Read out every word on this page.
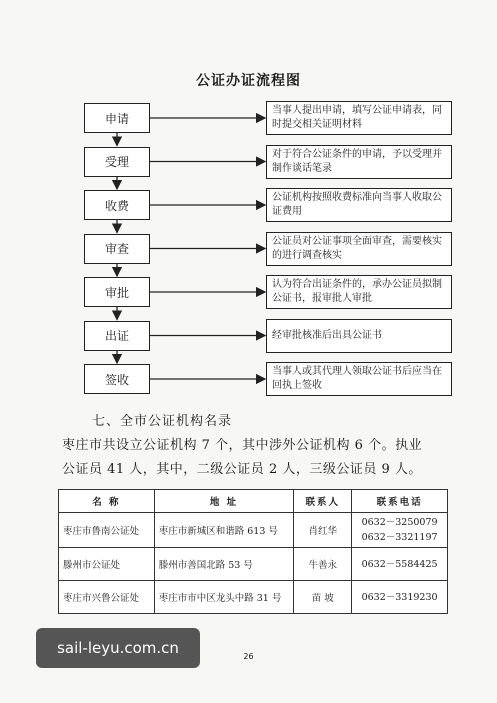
公证办证流程图
申请
当事人提出申请，填写公证申请表，同时提交相关证明材料
受理
对于符合公证条件的申请，予以受理并制作谈话笔录
收费
公证机构按照收费标准向当事人收取公证费用
审查
公证员对公证事项全面审查，需要核实的进行调查核实
审批
认为符合出证条件的，承办公证员拟制公证书，报审批人审批
出证	经审批核准后出具公证书
签收
当事人或其代理人领取公证书后应当在回执上签收
七、全市公证机构名录
枣庄市共设立公证机构 7 个，其中涉外公证机构 6 个。执业
公证员 41 人，其中，二级公证员 2 人，三级公证员 9 人。
名 称	地 址	联系人	联系电话
枣庄市鲁南公证处	枣庄市新城区和谐路 613 号	肖红华	0632－3250079
0632－3321197

滕州市公证处	滕州市善国北路 53 号	牛善永	0632－5584425

枣庄市兴鲁公证处	枣庄市市中区龙头中路 31 号	苗 坡	0632－3319230
sail-leyu.com.cn	26
